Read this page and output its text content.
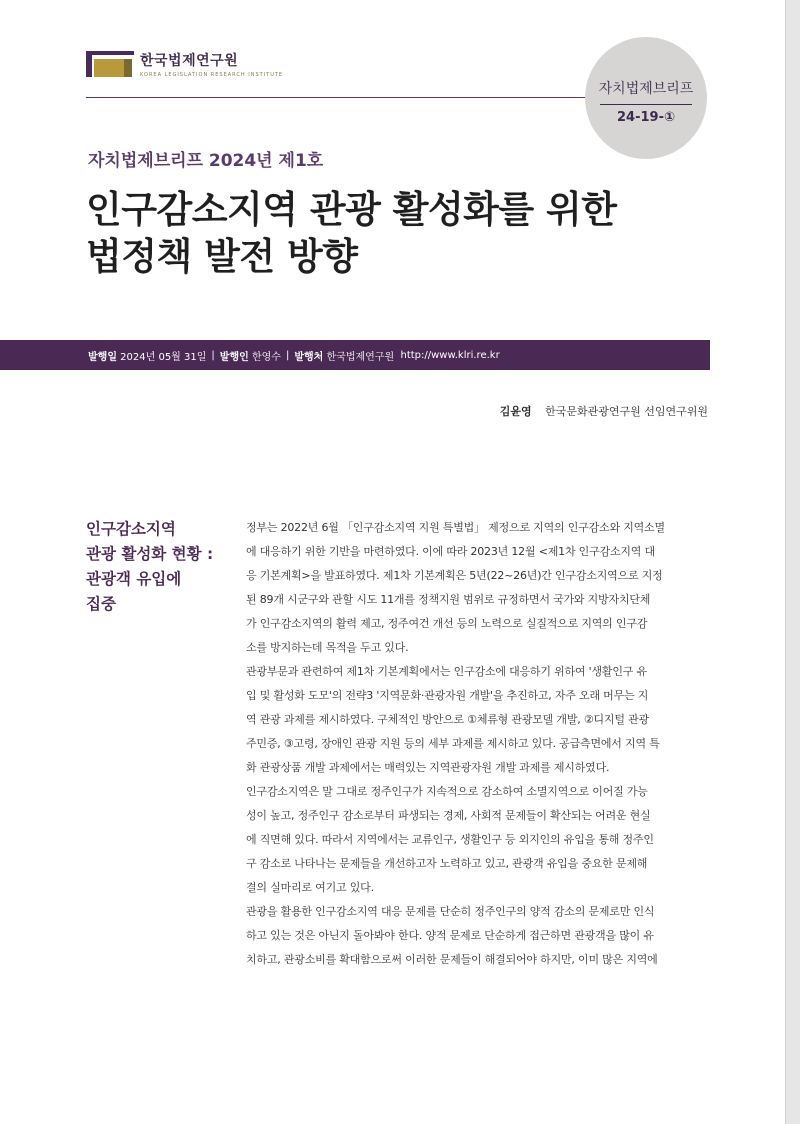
한국법제연구원
KOREA LEGISLATION RESEARCH INSTITUTE
자치법제브리프
24-19-①
자치법제브리프 2024년 제1호
인구감소지역 관광 활성화를 위한
법정책 발전 방향
발행일
2024년 05월 31일 | 발행인
한영수 | 발행처
한국법제연구원
http://www.klri.re.kr
김윤영 한국문화관광연구원 선임연구위원
인구감소지역
관광 활성화 현황 :
관광객 유입에
집중

정부는 2022년 6월 「인구감소지역 지원 특별법」 제정으로 지역의 인구감소와 지역소멸
에 대응하기 위한 기반을 마련하였다. 이에 따라 2023년 12월 <제1차 인구감소지역 대
응 기본계획>을 발표하였다. 제1차 기본계획은 5년(22~26년)간 인구감소지역으로 지정
된 89개 시군구와 관할 시도 11개를 정책지원 범위로 규정하면서 국가와 지방자치단체
가 인구감소지역의 활력 제고, 정주여건 개선 등의 노력으로 실질적으로 지역의 인구감
소를 방지하는데 목적을 두고 있다.

관광부문과 관련하여 제1차 기본계획에서는 인구감소에 대응하기 위하여 '생활인구 유
입 및 활성화 도모'의 전략3 '지역문화·관광자원 개발'을 추진하고, 자주 오래 머무는 지
역 관광 과제를 제시하였다. 구체적인 방안으로 ①체류형 관광모델 개발, ②디지털 관광
주민증, ③고령, 장애인 관광 지원 등의 세부 과제를 제시하고 있다. 공급측면에서 지역 특
화 관광상품 개발 과제에서는 매력있는 지역관광자원 개발 과제를 제시하였다.

인구감소지역은 말 그대로 정주인구가 지속적으로 감소하여 소멸지역으로 이어질 가능
성이 높고, 정주인구 감소로부터 파생되는 경제, 사회적 문제들이 확산되는 어려운 현실
에 직면해 있다. 따라서 지역에서는 교류인구, 생활인구 등 외지인의 유입을 통해 정주인
구 감소로 나타나는 문제들을 개선하고자 노력하고 있고, 관광객 유입을 중요한 문제해
결의 실마리로 여기고 있다.

관광을 활용한 인구감소지역 대응 문제를 단순히 정주인구의 양적 감소의 문제로만 인식
하고 있는 것은 아닌지 돌아봐야 한다. 양적 문제로 단순하게 접근하면 관광객을 많이 유
치하고, 관광소비를 확대함으로써 이러한 문제들이 해결되어야 하지만, 이미 많은 지역에
